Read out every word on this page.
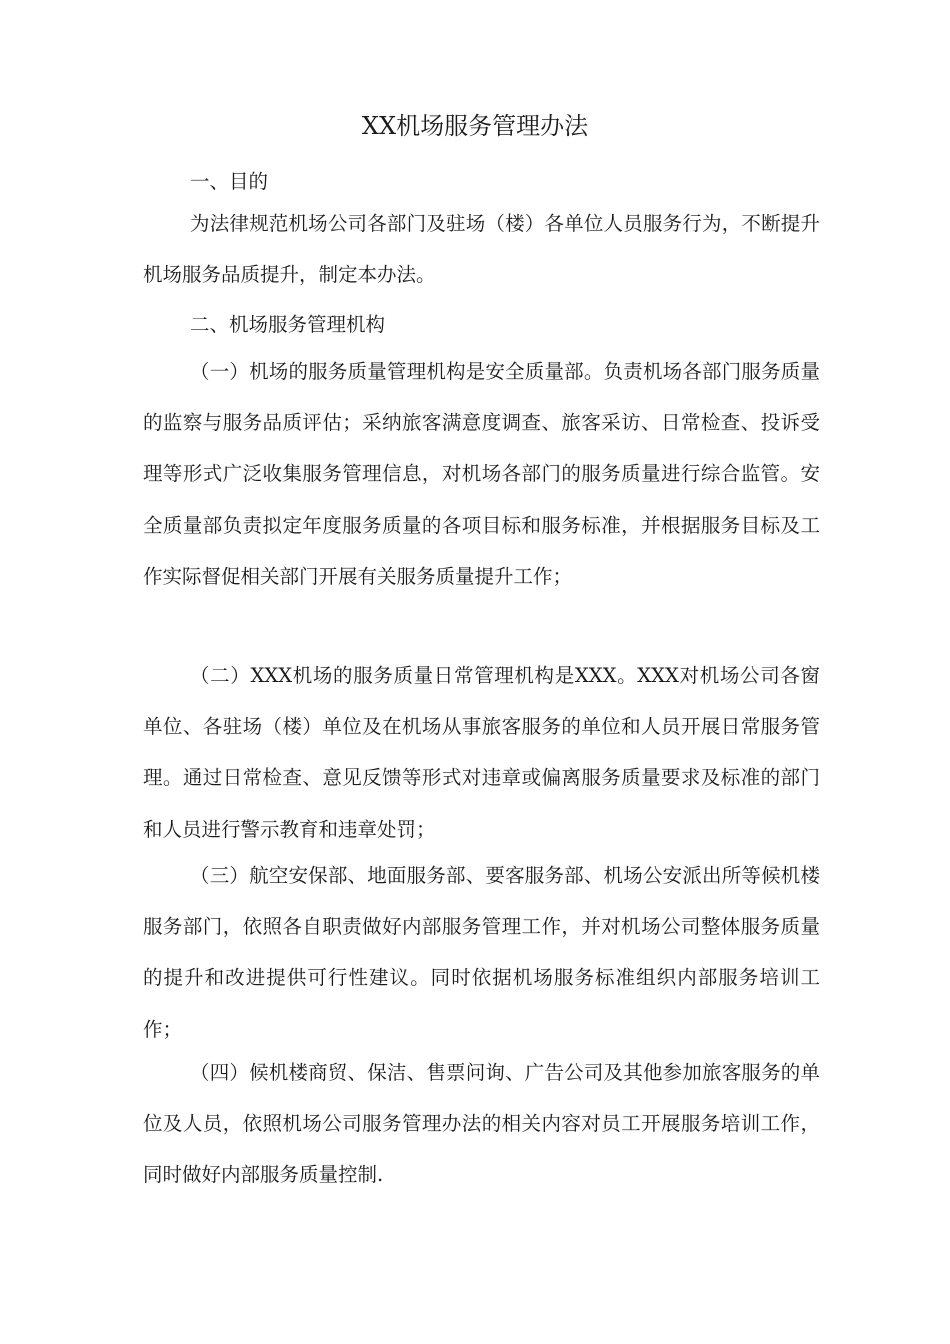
XX机场服务管理办法
一、目的

为法律规范机场公司各部门及驻场（楼）各单位人员服务行为，不断提升机场服务品质提升，制定本办法。

二、机场服务管理机构

（一）机场的服务质量管理机构是安全质量部。负责机场各部门服务质量的监察与服务品质评估；采纳旅客满意度调查、旅客采访、日常检查、投诉受理等形式广泛收集服务管理信息，对机场各部门的服务质量进行综合监管。安全质量部负责拟定年度服务质量的各项目标和服务标准，并根据服务目标及工作实际督促相关部门开展有关服务质量提升工作；

（二）XXX机场的服务质量日常管理机构是XXX。XXX对机场公司各窗单位、各驻场（楼）单位及在机场从事旅客服务的单位和人员开展日常服务管理。通过日常检查、意见反馈等形式对违章或偏离服务质量要求及标准的部门和人员进行警示教育和违章处罚；

（三）航空安保部、地面服务部、要客服务部、机场公安派出所等候机楼服务部门，依照各自职责做好内部服务管理工作，并对机场公司整体服务质量的提升和改进提供可行性建议。同时依据机场服务标准组织内部服务培训工作；

（四）候机楼商贸、保洁、售票问询、广告公司及其他参加旅客服务的单位及人员，依照机场公司服务管理办法的相关内容对员工开展服务培训工作，同时做好内部服务质量控制.
